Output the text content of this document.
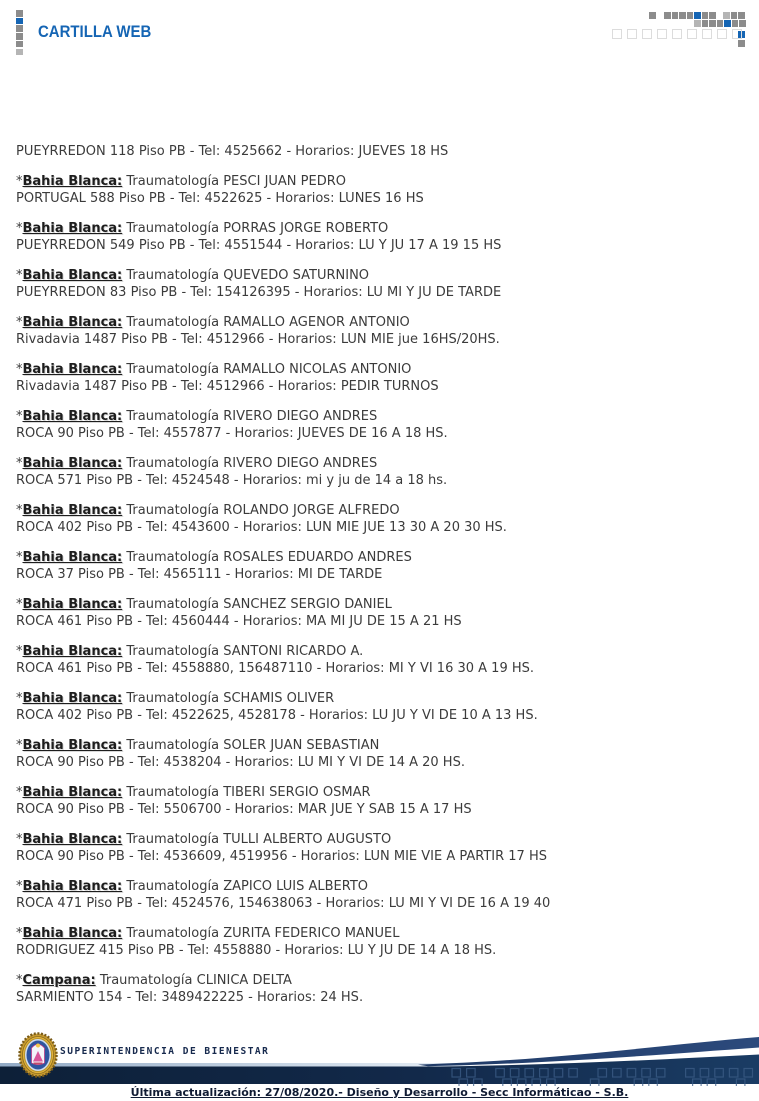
CARTILLA WEB
PUEYRREDON 118 Piso PB - Tel: 4525662 - Horarios: JUEVES 18 HS
*Bahia Blanca: Traumatología PESCI JUAN PEDRO
PORTUGAL 588 Piso PB - Tel: 4522625 - Horarios: LUNES 16 HS
*Bahia Blanca: Traumatología PORRAS JORGE ROBERTO
PUEYRREDON 549 Piso PB - Tel: 4551544 - Horarios: LU Y JU 17 A 19 15 HS
*Bahia Blanca: Traumatología QUEVEDO SATURNINO
PUEYRREDON 83 Piso PB - Tel: 154126395 - Horarios: LU MI Y JU DE TARDE
*Bahia Blanca: Traumatología RAMALLO AGENOR ANTONIO
Rivadavia 1487 Piso PB - Tel: 4512966 - Horarios: LUN MIE jue 16HS/20HS.
*Bahia Blanca: Traumatología RAMALLO NICOLAS ANTONIO
Rivadavia 1487 Piso PB - Tel: 4512966 - Horarios: PEDIR TURNOS
*Bahia Blanca: Traumatología RIVERO DIEGO ANDRES
ROCA 90 Piso PB - Tel: 4557877 - Horarios: JUEVES DE 16 A 18 HS.
*Bahia Blanca: Traumatología RIVERO DIEGO ANDRES
ROCA 571 Piso PB - Tel: 4524548 - Horarios: mi y ju de 14 a 18 hs.
*Bahia Blanca: Traumatología ROLANDO JORGE ALFREDO
ROCA 402 Piso PB - Tel: 4543600 - Horarios: LUN MIE JUE 13 30 A 20 30 HS.
*Bahia Blanca: Traumatología ROSALES EDUARDO ANDRES
ROCA 37 Piso PB - Tel: 4565111 - Horarios: MI DE TARDE
*Bahia Blanca: Traumatología SANCHEZ SERGIO DANIEL
ROCA 461 Piso PB - Tel: 4560444 - Horarios: MA MI JU DE 15 A 21 HS
*Bahia Blanca: Traumatología SANTONI RICARDO A.
ROCA 461 Piso PB - Tel: 4558880, 156487110 - Horarios: MI Y VI 16 30 A 19 HS.
*Bahia Blanca: Traumatología SCHAMIS OLIVER
ROCA 402 Piso PB - Tel: 4522625, 4528178 - Horarios: LU JU Y VI DE 10 A 13 HS.
*Bahia Blanca: Traumatología SOLER JUAN SEBASTIAN
ROCA 90 Piso PB - Tel: 4538204 - Horarios: LU MI Y VI DE 14 A 20 HS.
*Bahia Blanca: Traumatología TIBERI SERGIO OSMAR
ROCA 90 Piso PB - Tel: 5506700 - Horarios: MAR JUE Y SAB 15 A 17 HS
*Bahia Blanca: Traumatología TULLI ALBERTO AUGUSTO
ROCA 90 Piso PB - Tel: 4536609, 4519956 - Horarios: LUN MIE VIE A PARTIR 17 HS
*Bahia Blanca: Traumatología ZAPICO LUIS ALBERTO
ROCA 471 Piso PB - Tel: 4524576, 154638063 - Horarios: LU MI Y VI DE 16 A 19 40
*Bahia Blanca: Traumatología ZURITA FEDERICO MANUEL
RODRIGUEZ 415 Piso PB - Tel: 4558880 - Horarios: LU Y JU DE 14 A 18 HS.
*Campana: Traumatología CLINICA DELTA
SARMIENTO 154 - Tel: 3489422225 - Horarios: 24 HS.
SUPERINTENDENCIA DE BIENESTAR
Última actualización: 27/08/2020.- Diseño y Desarrollo - Secc Informáticao - S.B.
